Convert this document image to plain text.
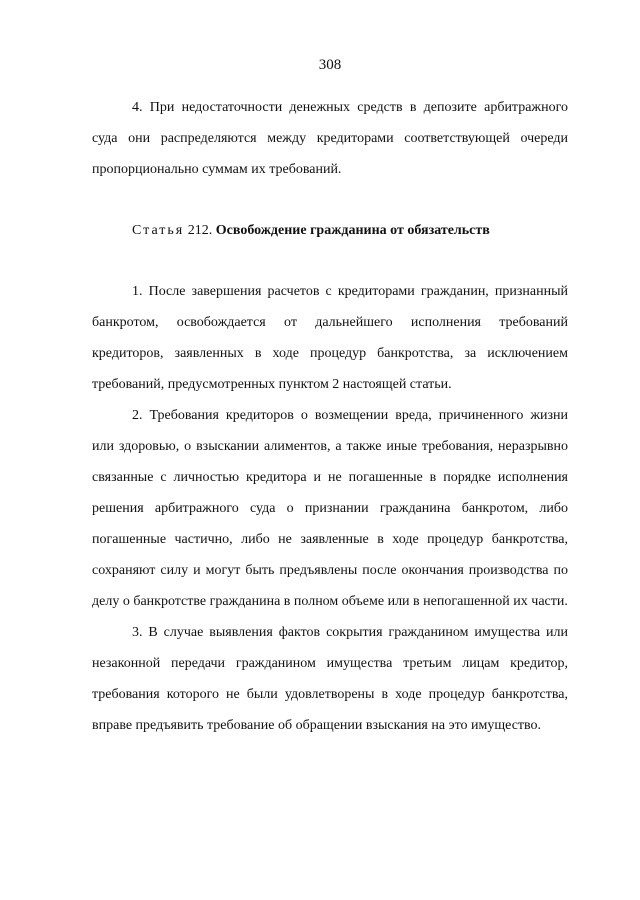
308

4. При недостаточности денежных средств в депозите арбитражного суда они распределяются между кредиторами соответствующей очереди пропорционально суммам их требований.

Статья 212. Освобождение гражданина от обязательств

1. После завершения расчетов с кредиторами гражданин, признанный банкротом, освобождается от дальнейшего исполнения требований кредиторов, заявленных в ходе процедур банкротства, за исключением требований, предусмотренных пунктом 2 настоящей статьи.

2. Требования кредиторов о возмещении вреда, причиненного жизни или здоровью, о взыскании алиментов, а также иные требования, неразрывно связанные с личностью кредитора и не погашенные в порядке исполнения решения арбитражного суда о признании гражданина банкротом, либо погашенные частично, либо не заявленные в ходе процедур банкротства, сохраняют силу и могут быть предъявлены после окончания производства по делу о банкротстве гражданина в полном объеме или в непогашенной их части.

3. В случае выявления фактов сокрытия гражданином имущества или незаконной передачи гражданином имущества третьим лицам кредитор, требования которого не были удовлетворены в ходе процедур банкротства, вправе предъявить требование об обращении взыскания на это имущество.
